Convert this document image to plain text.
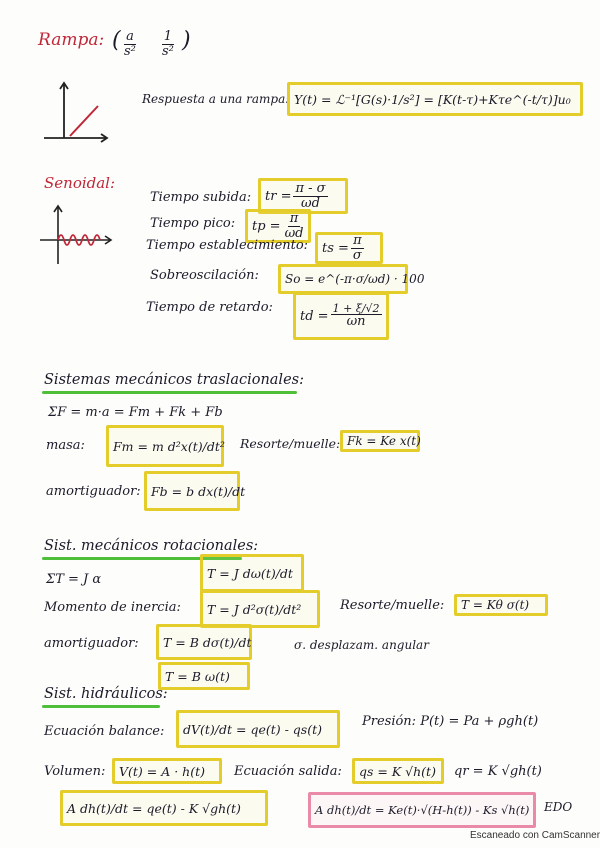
Rampa: ( $\frac{a}{\text{s²}} \frac{1}{\text{s²}}$ )
Respuesta a una rampa: Y(t) = ℒ⁻¹[G(s)·1/s²] = [K(t-τ)+Kτe^(-t/τ)]u₀
Senoidal:
Tiempo subida: tr = $\frac{\pi - \sigma}{\omega d}$
Tiempo pico: tp = $\frac{\pi}{\omega d}$
Tiempo establecimiento: ts = $\frac{\pi}{\sigma}$
Sobreoscilación: So = e^(-π·σ/ωd) · 100
Tiempo de retardo:
td = $\frac{1 + \xi/√2}{\omega n}$
Sistemas mecánicos traslacionales:
ΣF = m·a = Fm + Fk + Fb
masa: Fm = m d²x(t)/dt² Resorte/muelle: Fk = Ke x(t)
amortiguador: Fb = b dx(t)/dt
Sist. mecánicos rotacionales:
ΣT = J α	T = J dω(t)/dt
Momento de inercia: T = J d²σ(t)/dt²	Resorte/muelle: T = Kθ σ(t)
amortiguador: T = B dσ(t)/dt	σ. desplazam. angular
T = B ω(t)
Sist. hidráulicos:
Ecuación balance: dV(t)/dt = qe(t) - qs(t)	Presión: P(t) = Pa + ρgh(t)
Volumen: V(t) = A · h(t) Ecuación salida: qs = K √h(t) qr = K √gh(t)
A dh(t)/dt = qe(t) - K √gh(t)	A dh(t)/dt = Ke(t)·√(H-h(t)) - Ks √h(t) EDO
Escaneado con CamScanner
